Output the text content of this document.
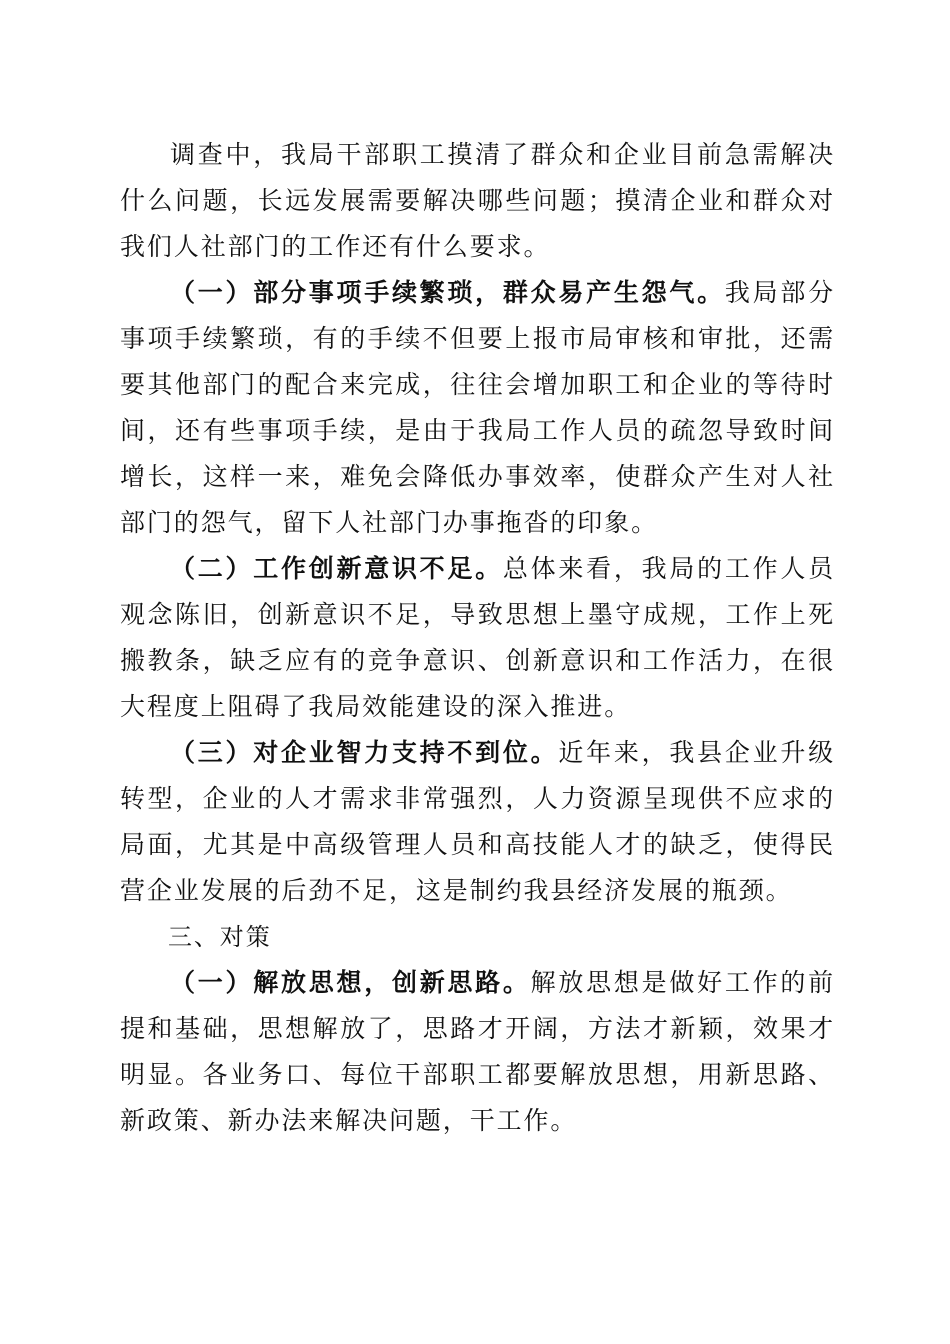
调查中，我局干部职工摸清了群众和企业目前急需解决什么问题，长远发展需要解决哪些问题；摸清企业和群众对我们人社部门的工作还有什么要求。

（一）部分事项手续繁琐，群众易产生怨气。我局部分事项手续繁琐，有的手续不但要上报市局审核和审批，还需要其他部门的配合来完成，往往会增加职工和企业的等待时间，还有些事项手续，是由于我局工作人员的疏忽导致时间增长，这样一来，难免会降低办事效率，使群众产生对人社部门的怨气，留下人社部门办事拖沓的印象。

（二）工作创新意识不足。总体来看，我局的工作人员观念陈旧，创新意识不足，导致思想上墨守成规，工作上死搬教条，缺乏应有的竞争意识、创新意识和工作活力，在很大程度上阻碍了我局效能建设的深入推进。

（三）对企业智力支持不到位。近年来，我县企业升级转型，企业的人才需求非常强烈，人力资源呈现供不应求的局面，尤其是中高级管理人员和高技能人才的缺乏，使得民营企业发展的后劲不足，这是制约我县经济发展的瓶颈。

三、对策

（一）解放思想，创新思路。解放思想是做好工作的前提和基础，思想解放了，思路才开阔，方法才新颖，效果才明显。各业务口、每位干部职工都要解放思想，用新思路、新政策、新办法来解决问题，干工作。
